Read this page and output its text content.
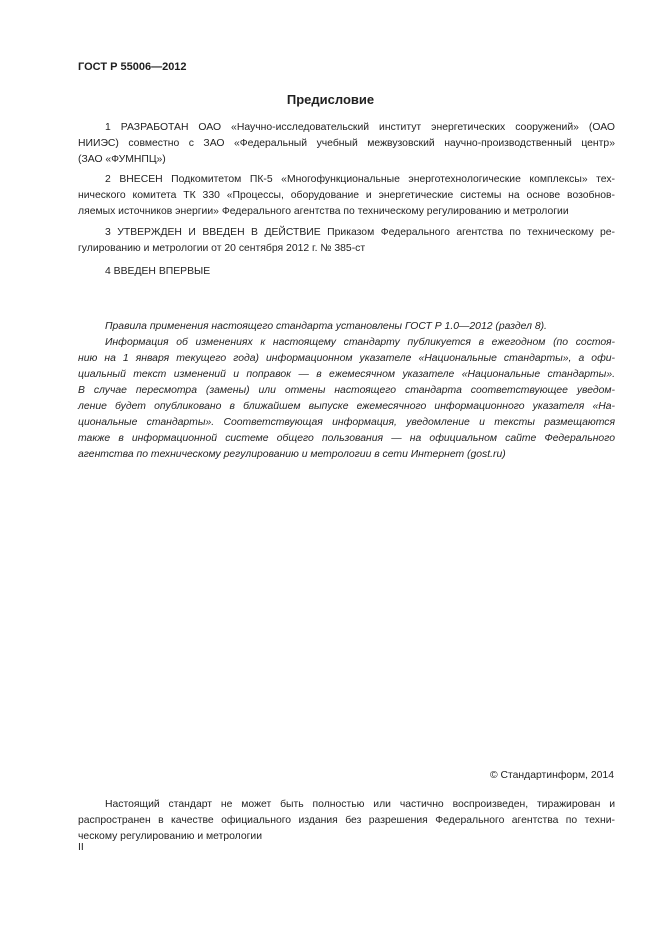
ГОСТ Р 55006—2012
Предисловие
1 РАЗРАБОТАН ОАО «Научно-исследовательский институт энергетических сооружений» (ОАО
НИИЭС) совместно с ЗАО «Федеральный учебный межвузовский научно-производственный центр»
(ЗАО «ФУМНПЦ»)
2 ВНЕСЕН Подкомитетом ПК-5 «Многофункциональные энерготехнологические комплексы» тех-
нического комитета ТК 330 «Процессы, оборудование и энергетические системы на основе возобнов-
ляемых источников энергии» Федерального агентства по техническому регулированию и метрологии
3 УТВЕРЖДЕН И ВВЕДЕН В ДЕЙСТВИЕ Приказом Федерального агентства по техническому ре-
гулированию и метрологии от 20 сентября 2012 г. № 385-ст
4 ВВЕДЕН ВПЕРВЫЕ
Правила применения настоящего стандарта установлены ГОСТ Р 1.0—2012 (раздел 8).
Информация об изменениях к настоящему стандарту публикуется в ежегодном (по состоя-
нию на 1 января текущего года) информационном указателе «Национальные стандарты», а офи-
циальный текст изменений и поправок — в ежемесячном указателе «Национальные стандарты».
В случае пересмотра (замены) или отмены настоящего стандарта соответствующее уведом-
ление будет опубликовано в ближайшем выпуске ежемесячного информационного указателя «На-
циональные стандарты». Соответствующая информация, уведомление и тексты размещаются
также в информационной системе общего пользования — на официальном сайте Федерального
агентства по техническому регулированию и метрологии в сети Интернет (gost.ru)
© Стандартинформ, 2014
Настоящий стандарт не может быть полностью или частично воспроизведен, тиражирован и
распространен в качестве официального издания без разрешения Федерального агентства по техни-
ческому регулированию и метрологии
II
